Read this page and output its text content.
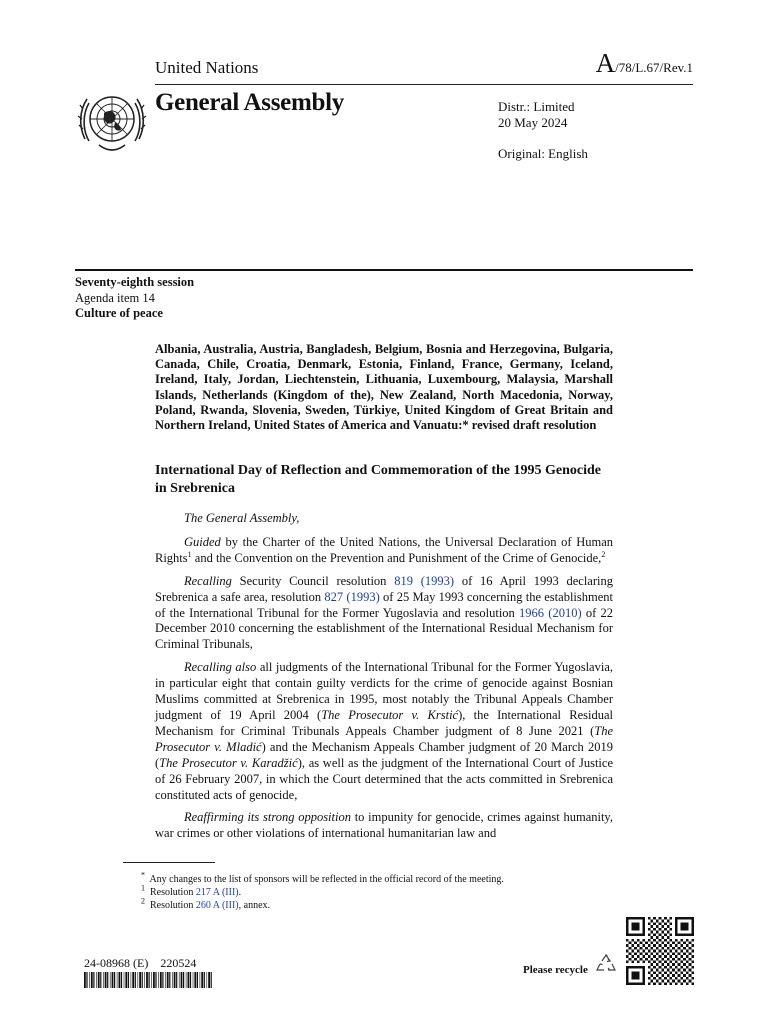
United Nations	A/78/L.67/Rev.1
General Assembly	Distr.: Limited
20 May 2024
Original: English
Seventy-eighth session
Agenda item 14
Culture of peace
Albania, Australia, Austria, Bangladesh, Belgium, Bosnia and Herzegovina, Bulgaria, Canada, Chile, Croatia, Denmark, Estonia, Finland, France, Germany, Iceland, Ireland, Italy, Jordan, Liechtenstein, Lithuania, Luxembourg, Malaysia, Marshall Islands, Netherlands (Kingdom of the), New Zealand, North Macedonia, Norway, Poland, Rwanda, Slovenia, Sweden, Türkiye, United Kingdom of Great Britain and Northern Ireland, United States of America and Vanuatu:* revised draft resolution
International Day of Reflection and Commemoration of the 1995 Genocide in Srebrenica

The General Assembly,

Guided by the Charter of the United Nations, the Universal Declaration of Human Rights$^1$ and the Convention on the Prevention and Punishment of the Crime of Genocide,$^2$

Recalling Security Council resolution 819 (1993) of 16 April 1993 declaring Srebrenica a safe area, resolution 827 (1993) of 25 May 1993 concerning the establishment of the International Tribunal for the Former Yugoslavia and resolution 1966 (2010) of 22 December 2010 concerning the establishment of the International Residual Mechanism for Criminal Tribunals,

Recalling also all judgments of the International Tribunal for the Former Yugoslavia, in particular eight that contain guilty verdicts for the crime of genocide against Bosnian Muslims committed at Srebrenica in 1995, most notably the Tribunal Appeals Chamber judgment of 19 April 2004 (The Prosecutor v. Krstić), the International Residual Mechanism for Criminal Tribunals Appeals Chamber judgment of 8 June 2021 (The Prosecutor v. Mladić) and the Mechanism Appeals Chamber judgment of 20 March 2019 (The Prosecutor v. Karadžić), as well as the judgment of the International Court of Justice of 26 February 2007, in which the Court determined that the acts committed in Srebrenica constituted acts of genocide,

Reaffirming its strong opposition to impunity for genocide, crimes against humanity, war crimes or other violations of international humanitarian law and

* Any changes to the list of sponsors will be reflected in the official record of the meeting.
$^1$ Resolution 217 A (III).
$^2$ Resolution 260 A (III), annex.
24-08968 (E) 220524	Please recycle
